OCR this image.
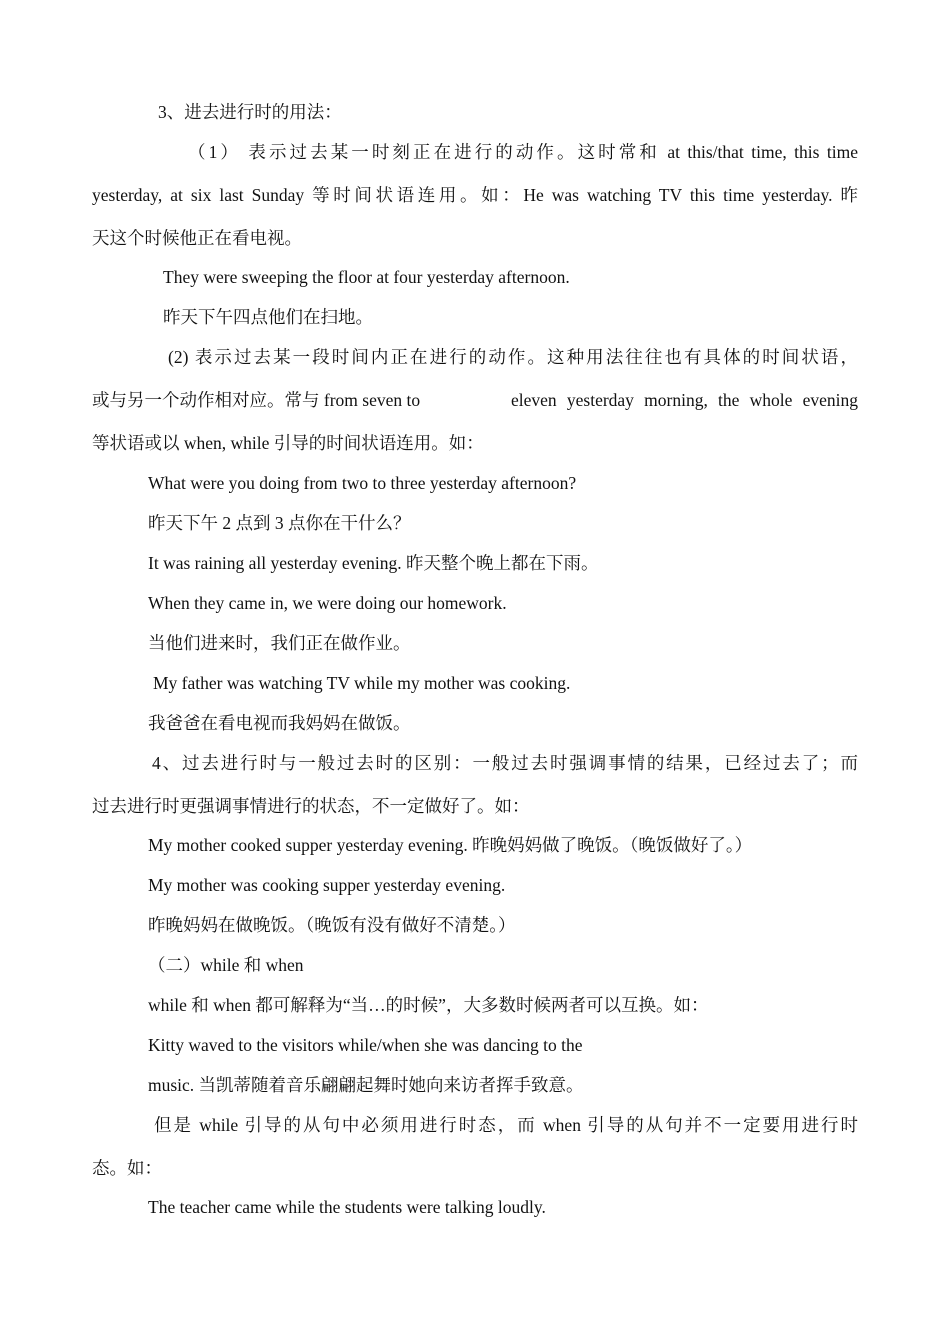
3、进去进行时的用法：
（1） 表示过去某一时刻正在进行的动作。这时常和 at this/that time, this time
yesterday, at six last Sunday 等时间状语连用。如：He was watching TV this time yesterday. 昨
天这个时候他正在看电视。
They were sweeping the floor at four yesterday afternoon.
昨天下午四点他们在扫地。
(2) 表示过去某一段时间内正在进行的动作。这种用法往往也有具体的时间状语，
或与另一个动作相对应。常与 from seven to	eleven yesterday morning, the whole evening
等状语或以 when, while 引导的时间状语连用。如：
What were you doing from two to three yesterday afternoon?
昨天下午 2 点到 3 点你在干什么？
It was raining all yesterday evening. 昨天整个晚上都在下雨。
When they came in, we were doing our homework.
当他们进来时，我们正在做作业。
My father was watching TV while my mother was cooking.
我爸爸在看电视而我妈妈在做饭。
4、过去进行时与一般过去时的区别：一般过去时强调事情的结果，已经过去了；而
过去进行时更强调事情进行的状态，不一定做好了。如：
My mother cooked supper yesterday evening. 昨晚妈妈做了晚饭。（晚饭做好了。）
My mother was cooking supper yesterday evening.
昨晚妈妈在做晚饭。（晚饭有没有做好不清楚。）
（二）while 和 when
while 和 when 都可解释为“当…的时候”，大多数时候两者可以互换。如：
Kitty waved to the visitors while/when she was dancing to the
music. 当凯蒂随着音乐翩翩起舞时她向来访者挥手致意。
但是 while 引导的从句中必须用进行时态，而 when 引导的从句并不一定要用进行时
态。如：
The teacher came while the students were talking loudly.
